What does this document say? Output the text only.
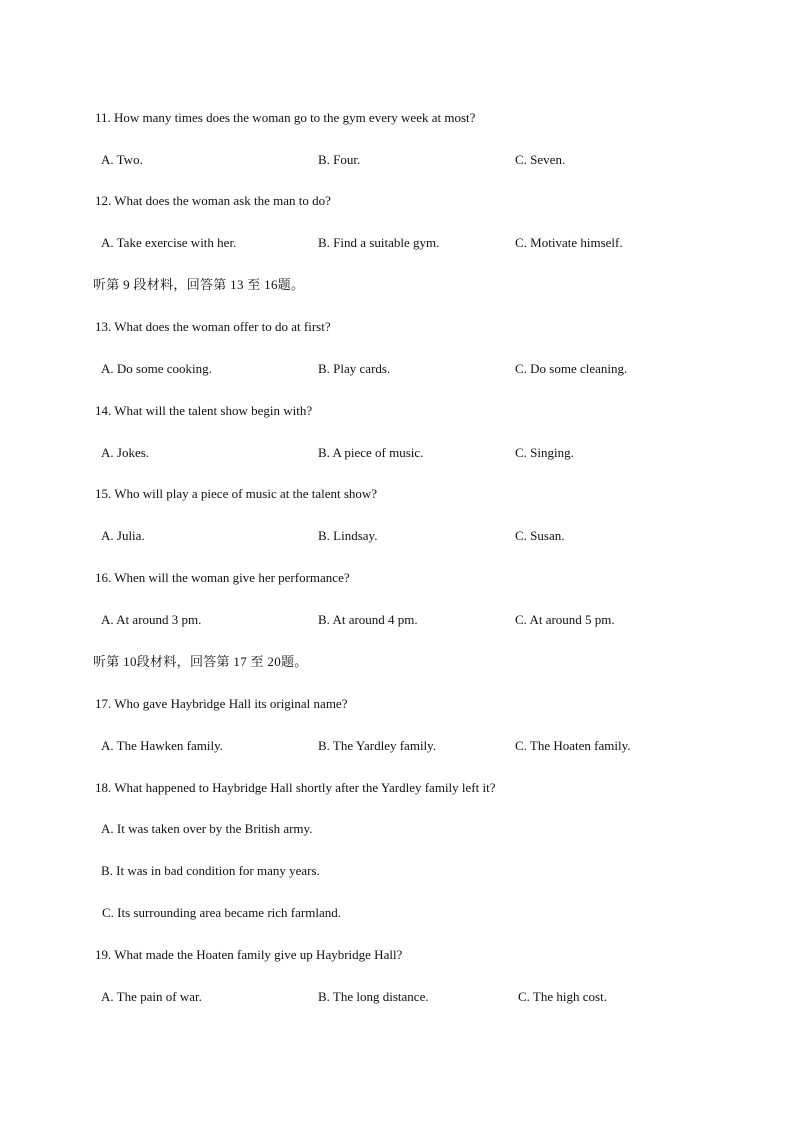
11. How many times does the woman go to the gym every week at most?
A. Two.	B. Four.	C. Seven.
12. What does the woman ask the man to do?
A. Take exercise with her.	B. Find a suitable gym.	C. Motivate himself.
听第 9 段材料，回答第 13 至 16题。
13. What does the woman offer to do at first?
A. Do some cooking.	B. Play cards.	C. Do some cleaning.
14. What will the talent show begin with?
A. Jokes.	B. A piece of music.	C. Singing.
15. Who will play a piece of music at the talent show?
A. Julia.	B. Lindsay.	C. Susan.
16. When will the woman give her performance?
A. At around 3 pm.	B. At around 4 pm.	C. At around 5 pm.
听第 10段材料，回答第 17 至 20题。
17. Who gave Haybridge Hall its original name?
A. The Hawken family.	B. The Yardley family.	C. The Hoaten family.
18. What happened to Haybridge Hall shortly after the Yardley family left it?
A. It was taken over by the British army.
B. It was in bad condition for many years.
C. Its surrounding area became rich farmland.
19. What made the Hoaten family give up Haybridge Hall?
A. The pain of war.	B. The long distance.	C. The high cost.
